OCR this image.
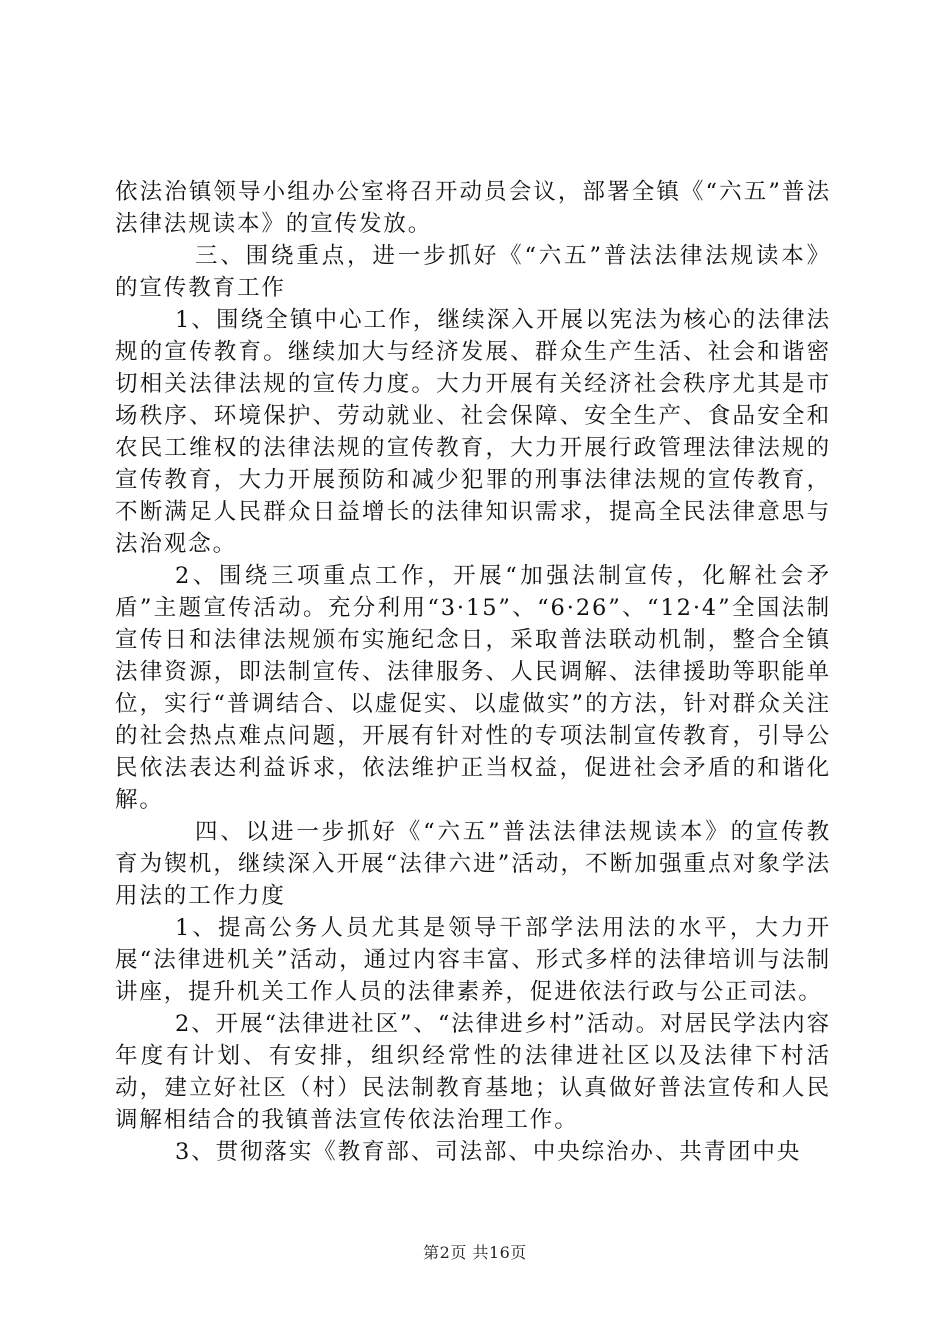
依法治镇领导小组办公室将召开动员会议，部署全镇《“六五”普法法律法规读本》的宣传发放。

三、围绕重点，进一步抓好《“六五”普法法律法规读本》的宣传教育工作

1、围绕全镇中心工作，继续深入开展以宪法为核心的法律法规的宣传教育。继续加大与经济发展、群众生产生活、社会和谐密切相关法律法规的宣传力度。大力开展有关经济社会秩序尤其是市场秩序、环境保护、劳动就业、社会保障、安全生产、食品安全和农民工维权的法律法规的宣传教育，大力开展行政管理法律法规的宣传教育，大力开展预防和减少犯罪的刑事法律法规的宣传教育，不断满足人民群众日益增长的法律知识需求，提高全民法律意思与法治观念。

2、围绕三项重点工作，开展“加强法制宣传，化解社会矛盾”主题宣传活动。充分利用“3·15”、“6·26”、“12·4”全国法制宣传日和法律法规颁布实施纪念日，采取普法联动机制，整合全镇法律资源，即法制宣传、法律服务、人民调解、法律援助等职能单位，实行“普调结合、以虚促实、以虚做实”的方法，针对群众关注的社会热点难点问题，开展有针对性的专项法制宣传教育，引导公民依法表达利益诉求，依法维护正当权益，促进社会矛盾的和谐化解。

四、以进一步抓好《“六五”普法法律法规读本》的宣传教育为锲机，继续深入开展“法律六进”活动，不断加强重点对象学法用法的工作力度

1、提高公务人员尤其是领导干部学法用法的水平，大力开展“法律进机关”活动，通过内容丰富、形式多样的法律培训与法制讲座，提升机关工作人员的法律素养，促进依法行政与公正司法。

2、开展“法律进社区”、“法律进乡村”活动。对居民学法内容年度有计划、有安排，组织经常性的法律进社区以及法律下村活动，建立好社区（村）民法制教育基地；认真做好普法宣传和人民调解相结合的我镇普法宣传依法治理工作。

3、贯彻落实《教育部、司法部、中央综治办、共青团中央

第2页 共16页
